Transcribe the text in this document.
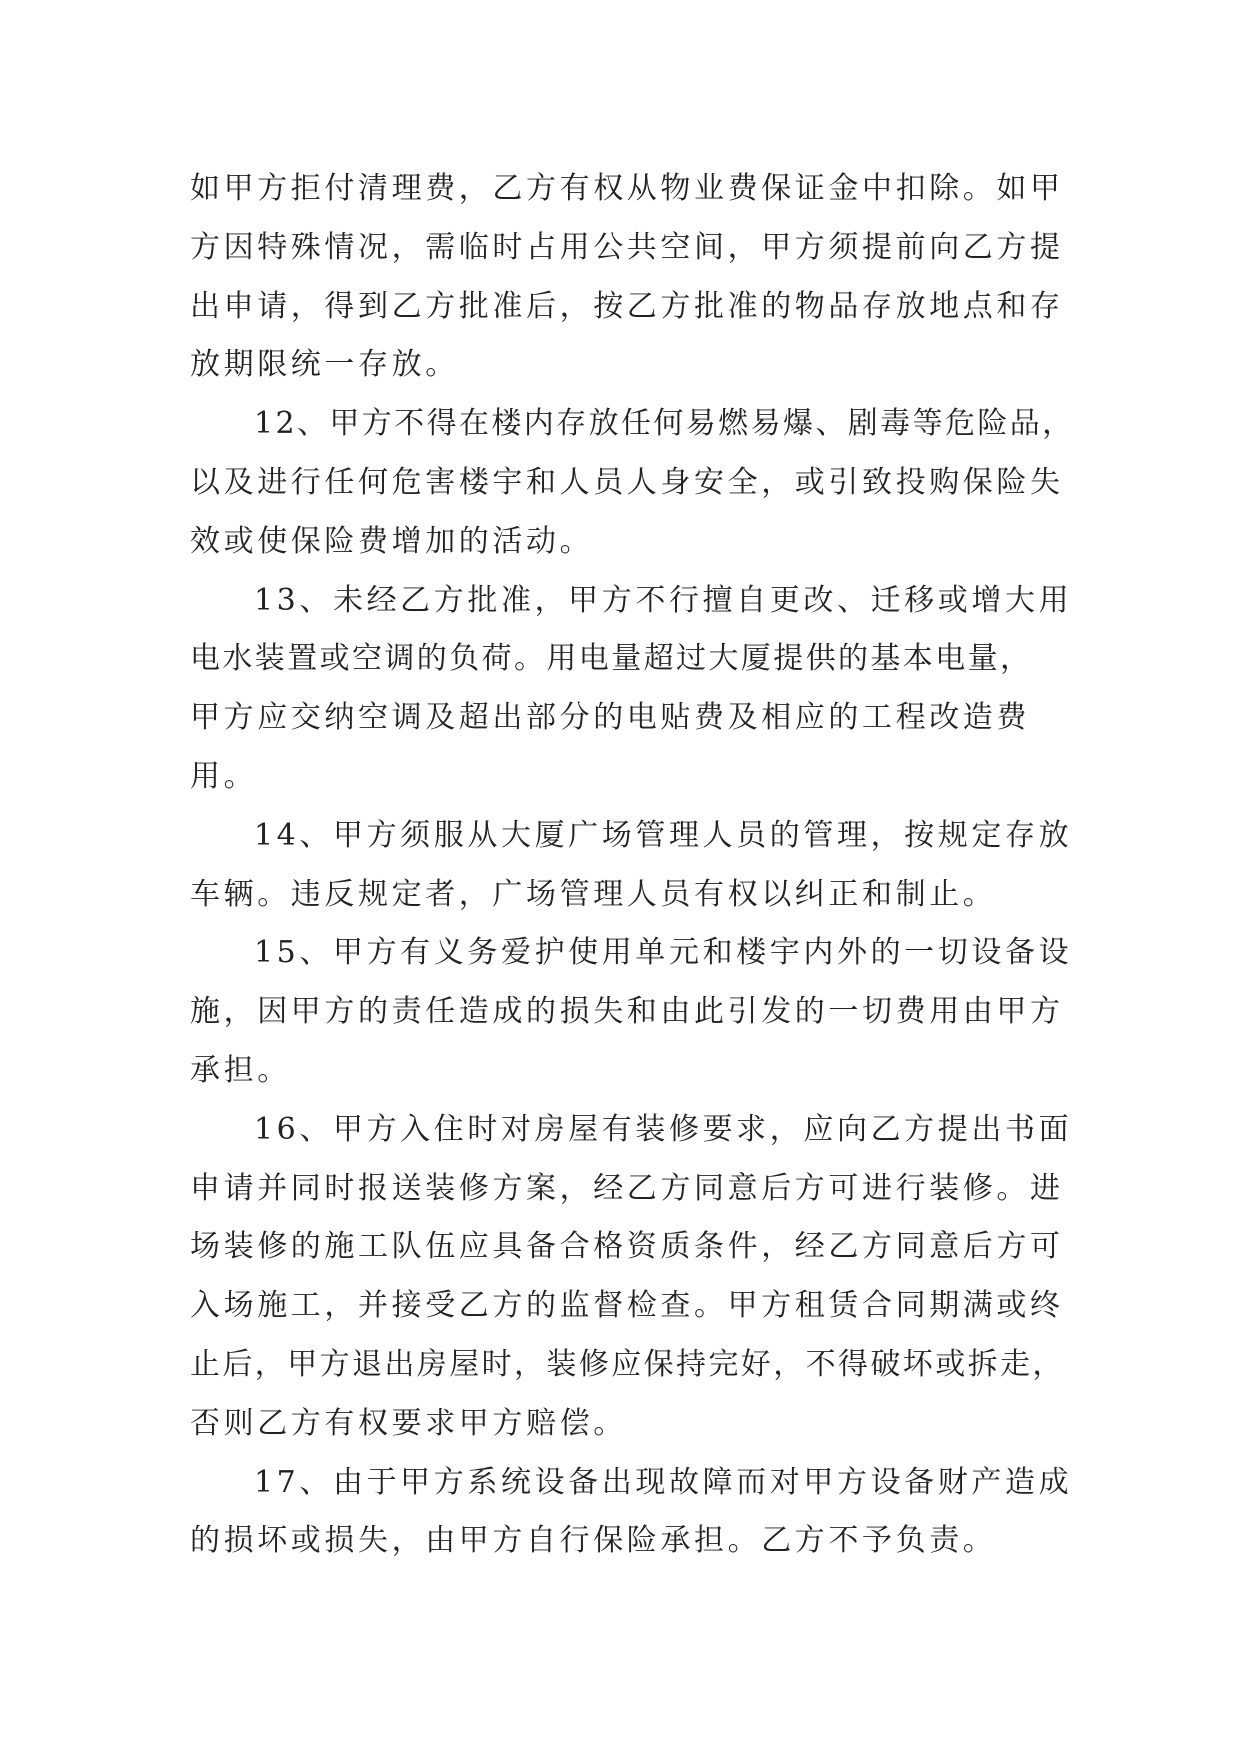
如甲方拒付清理费，乙方有权从物业费保证金中扣除。如甲
方因特殊情况，需临时占用公共空间，甲方须提前向乙方提
出申请，得到乙方批准后，按乙方批准的物品存放地点和存
放期限统一存放。
12、甲方不得在楼内存放任何易燃易爆、剧毒等危险品，
以及进行任何危害楼宇和人员人身安全，或引致投购保险失
效或使保险费增加的活动。
13、未经乙方批准，甲方不行擅自更改、迁移或增大用
电水装置或空调的负荷。用电量超过大厦提供的基本电量，
甲方应交纳空调及超出部分的电贴费及相应的工程改造费
用。
14、甲方须服从大厦广场管理人员的管理，按规定存放
车辆。违反规定者，广场管理人员有权以纠正和制止。
15、甲方有义务爱护使用单元和楼宇内外的一切设备设
施，因甲方的责任造成的损失和由此引发的一切费用由甲方
承担。
16、甲方入住时对房屋有装修要求，应向乙方提出书面
申请并同时报送装修方案，经乙方同意后方可进行装修。进
场装修的施工队伍应具备合格资质条件，经乙方同意后方可
入场施工，并接受乙方的监督检查。甲方租赁合同期满或终
止后，甲方退出房屋时，装修应保持完好，不得破坏或拆走，
否则乙方有权要求甲方赔偿。
17、由于甲方系统设备出现故障而对甲方设备财产造成
的损坏或损失，由甲方自行保险承担。乙方不予负责。
